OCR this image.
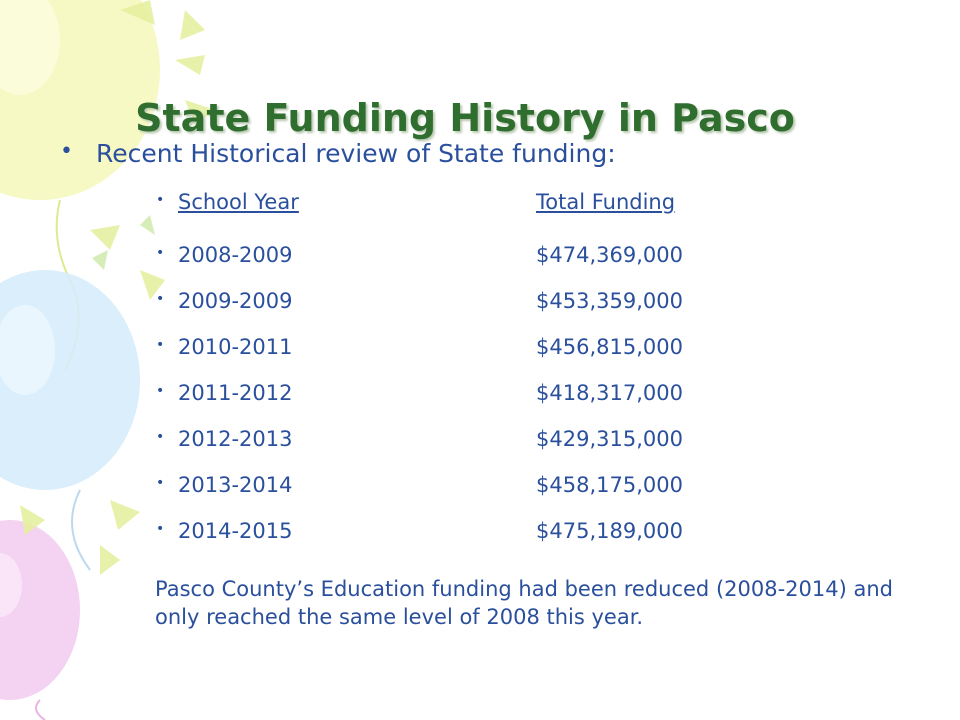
State Funding History in Pasco
• Recent Historical review of State funding:
• School Year	Total Funding
• 2008-2009	$474,369,000
• 2009-2009	$453,359,000
• 2010-2011	$456,815,000
• 2011-2012	$418,317,000
• 2012-2013	$429,315,000
• 2013-2014	$458,175,000
• 2014-2015	$475,189,000
Pasco County’s Education funding had been reduced (2008-2014) and only reached the same level of 2008 this year.
